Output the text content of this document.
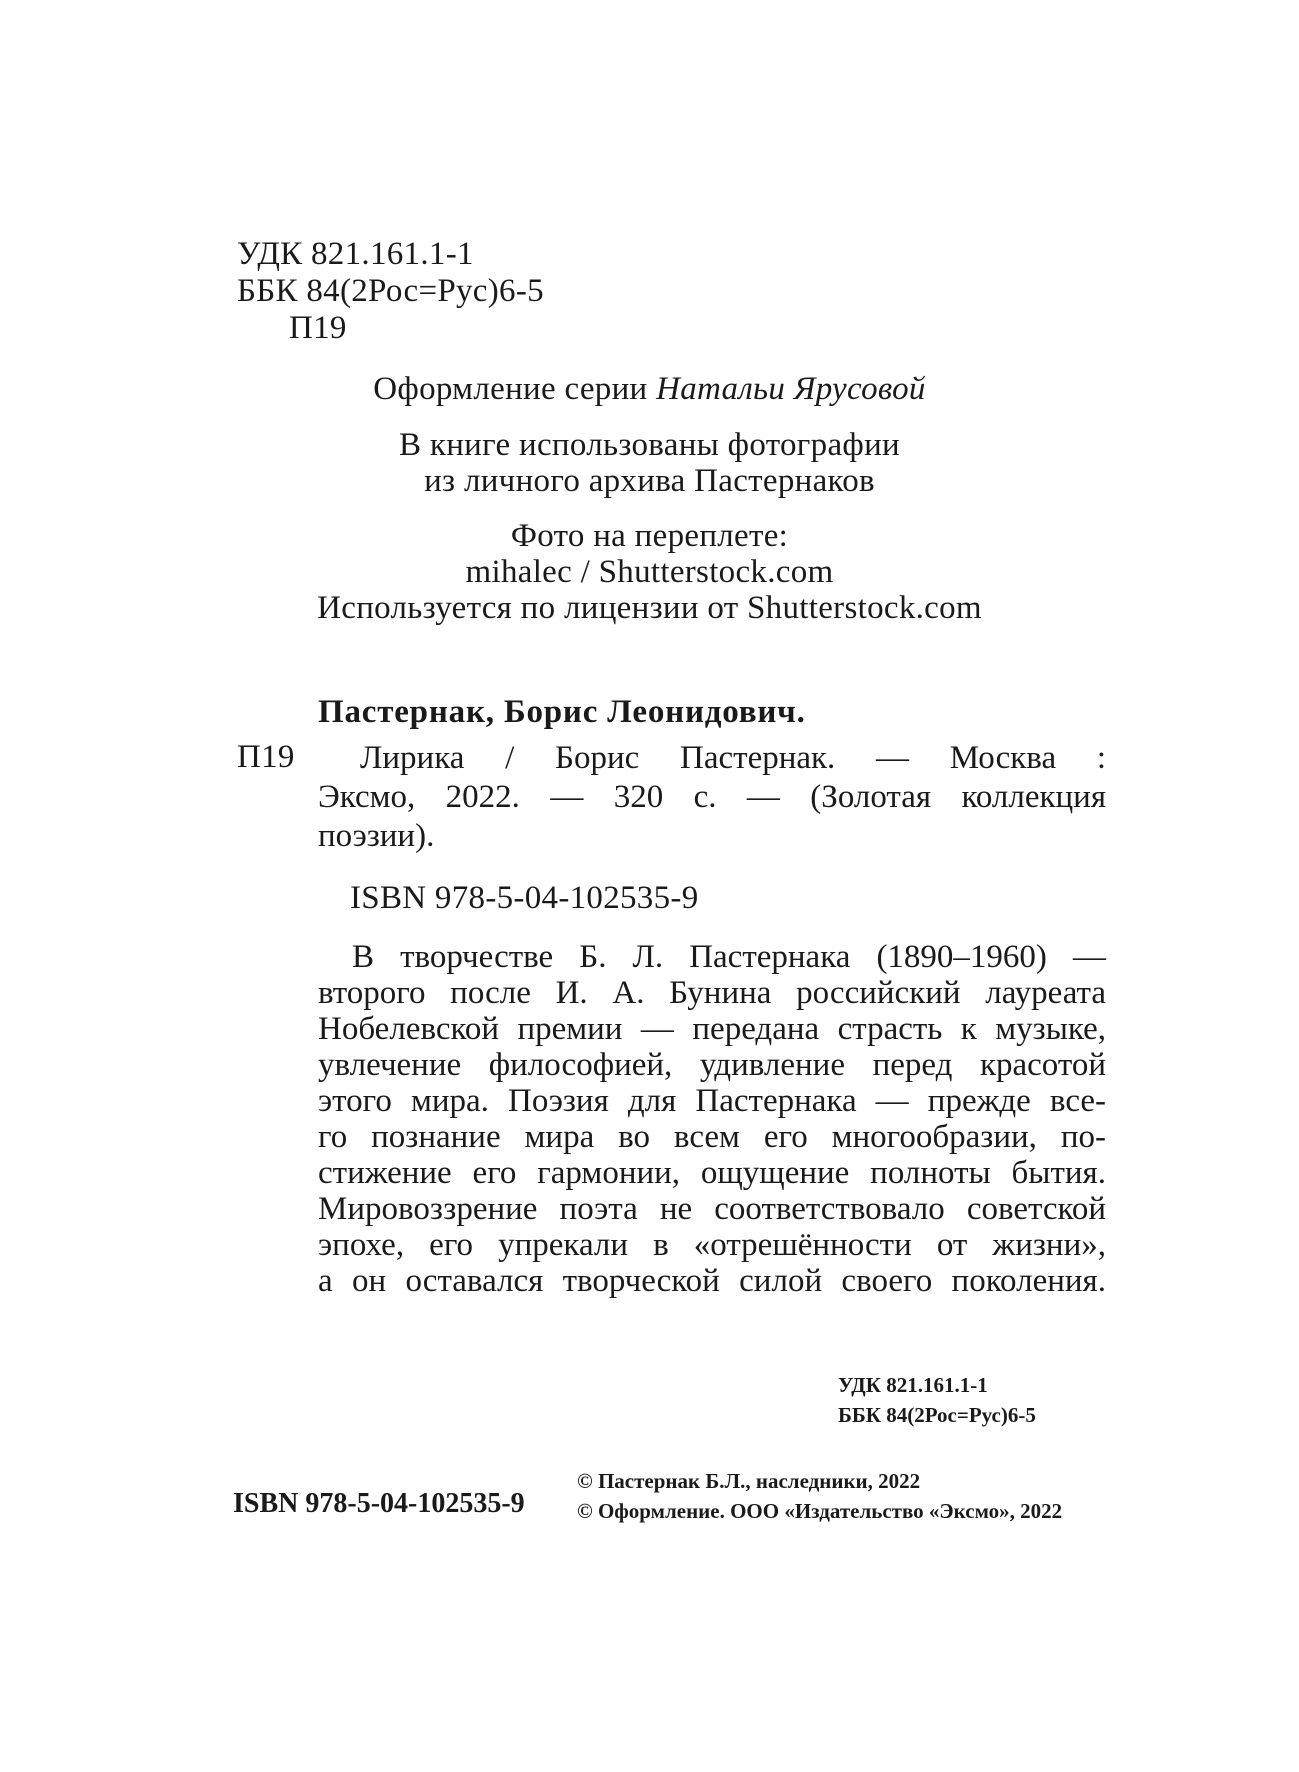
УДК 821.161.1-1
ББК 84(2Рос=Рус)6-5
П19
Оформление серии Натальи Ярусовой
В книге использованы фотографии
из личного архива Пастернаков
Фото на переплете:
mihalec / Shutterstock.com
Используется по лицензии от Shutterstock.com
Пастернак, Борис Леонидович.
П19	Лирика / Борис Пастернак. — Москва :
Эксмо, 2022. — 320 с. — (Золотая коллекция
поэзии).
ISBN 978-5-04-102535-9
В творчестве Б. Л. Пастернака (1890–1960) —
второго после И. А. Бунина российский лауреата
Нобелевской премии — передана страсть к музыке,
увлечение философией, удивление перед красотой
этого мира. Поэзия для Пастернака — прежде все-
го познание мира во всем его многообразии, по-
стижение его гармонии, ощущение полноты бытия.
Мировоззрение поэта не соответствовало советской
эпохе, его упрекали в «отрешённости от жизни»,
а он оставался творческой силой своего поколения.
УДК 821.161.1-1
ББК 84(2Рос=Рус)6-5
ISBN 978-5-04-102535-9
© Пастернак Б.Л., наследники, 2022
© Оформление. ООО «Издательство «Эксмо», 2022
